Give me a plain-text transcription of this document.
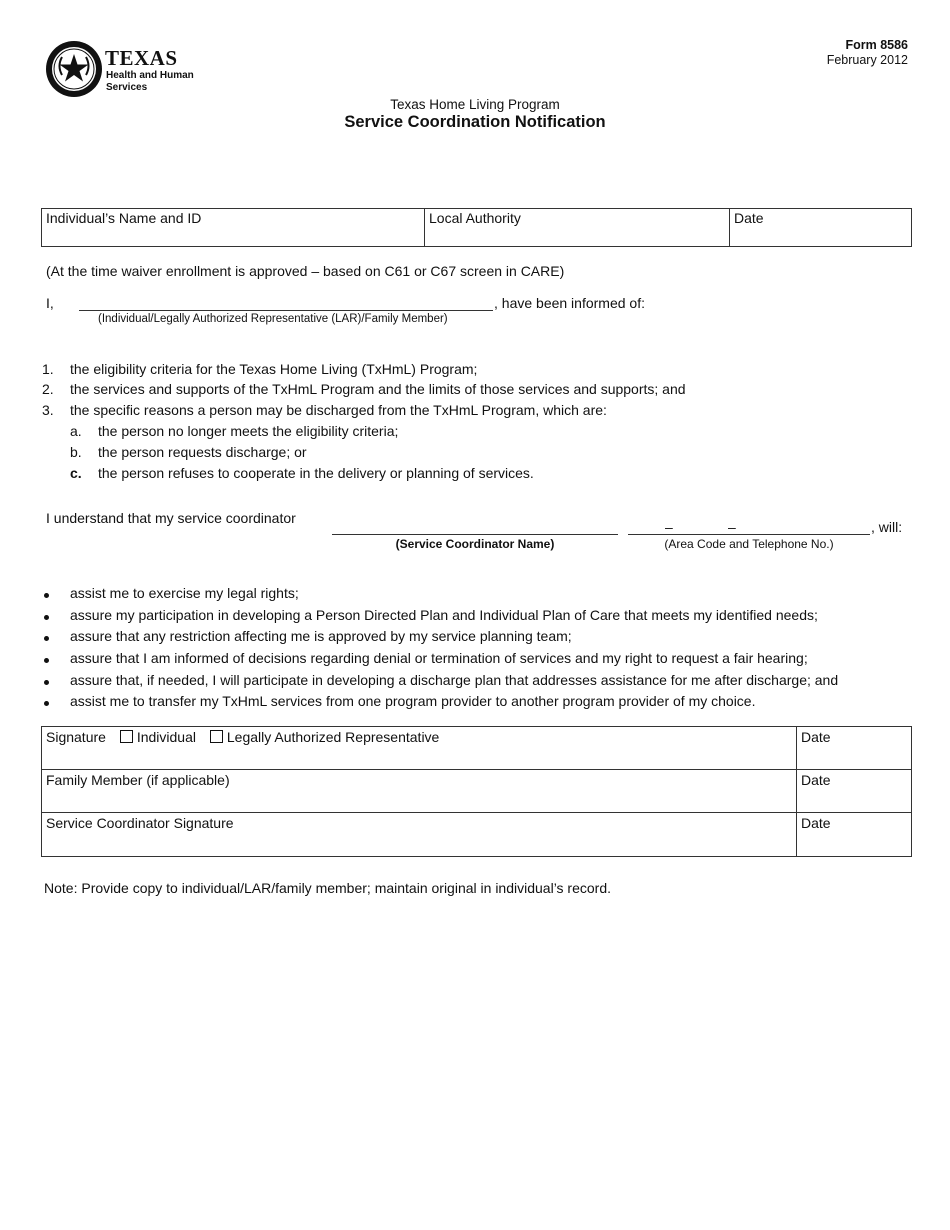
TEXAS
Health and Human
Services
Form 8586
February 2012
Texas Home Living Program
Service Coordination Notification
Individual’s Name and ID	Local Authority	Date
(At the time waiver enrollment is approved – based on C61 or C67 screen in CARE)
I,	, have been informed of:
(Individual/Legally Authorized Representative (LAR)/Family Member)
1. the eligibility criteria for the Texas Home Living (TxHmL) Program;
2. the services and supports of the TxHmL Program and the limits of those services and supports; and
3. the specific reasons a person may be discharged from the TxHmL Program, which are:
a. the person no longer meets the eligibility criteria;
b. the person requests discharge; or
c. the person refuses to cooperate in the delivery or planning of services.
I understand that my service coordinator
(Service Coordinator Name)
–	–
(Area Code and Telephone No.)
, will:
assist me to exercise my legal rights;
assure my participation in developing a Person Directed Plan and Individual Plan of Care that meets my identified needs;
assure that any restriction affecting me is approved by my service planning team;
assure that I am informed of decisions regarding denial or termination of services and my right to request a fair hearing;
assure that, if needed, I will participate in developing a discharge plan that addresses assistance for me after discharge; and
assist me to transfer my TxHmL services from one program provider to another program provider of my choice.
Signature Individual Legally Authorized Representative	Date
Family Member (if applicable)	Date
Service Coordinator Signature	Date
Note: Provide copy to individual/LAR/family member; maintain original in individual’s record.
